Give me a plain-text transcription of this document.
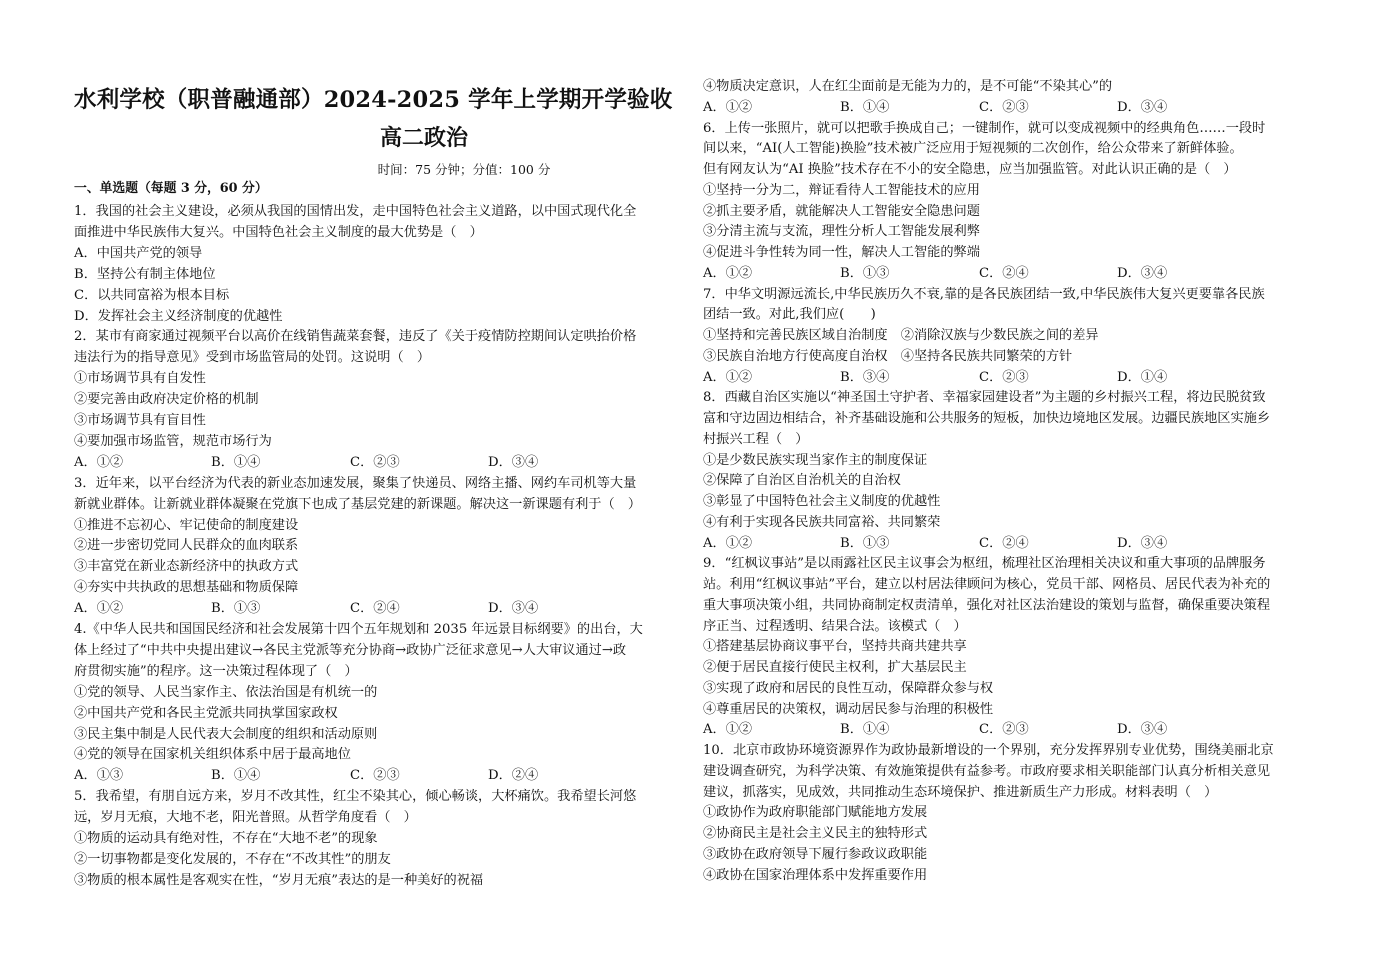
水利学校（职普融通部）2024-2025 学年上学期开学验收
高二政治
时间：75 分钟；分值：100 分
一、单选题（每题 3 分，60 分）
1．我国的社会主义建设，必须从我国的国情出发，走中国特色社会主义道路，以中国式现代化全
面推进中华民族伟大复兴。中国特色社会主义制度的最大优势是（　）
A．中国共产党的领导
B．坚持公有制主体地位
C．以共同富裕为根本目标
D．发挥社会主义经济制度的优越性
2．某市有商家通过视频平台以高价在线销售蔬菜套餐，违反了《关于疫情防控期间认定哄抬价格
违法行为的指导意见》受到市场监管局的处罚。这说明（　）
①市场调节具有自发性
②要完善由政府决定价格的机制
③市场调节具有盲目性
④要加强市场监管，规范市场行为
A．①②	B．①④	C．②③	D．③④
3．近年来，以平台经济为代表的新业态加速发展，聚集了快递员、网络主播、网约车司机等大量
新就业群体。让新就业群体凝聚在党旗下也成了基层党建的新课题。解决这一新课题有利于（　）
①推进不忘初心、牢记使命的制度建设
②进一步密切党同人民群众的血肉联系
③丰富党在新业态新经济中的执政方式
④夯实中共执政的思想基础和物质保障
A．①②	B．①③	C．②④	D．③④
4.《中华人民共和国国民经济和社会发展第十四个五年规划和 2035 年远景目标纲要》的出台，大
体上经过了“中共中央提出建议→各民主党派等充分协商→政协广泛征求意见→人大审议通过→政
府贯彻实施”的程序。这一决策过程体现了（　）
①党的领导、人民当家作主、依法治国是有机统一的
②中国共产党和各民主党派共同执掌国家政权
③民主集中制是人民代表大会制度的组织和活动原则
④党的领导在国家机关组织体系中居于最高地位
A．①③	B．①④	C．②③	D．②④
5．我希望，有朋自远方来，岁月不改其性，红尘不染其心，倾心畅谈，大杯痛饮。我希望长河悠
远，岁月无痕，大地不老，阳光普照。从哲学角度看（　）
①物质的运动具有绝对性，不存在“大地不老”的现象
②一切事物都是变化发展的，不存在“不改其性”的朋友
③物质的根本属性是客观实在性，“岁月无痕”表达的是一种美好的祝福
④物质决定意识，人在红尘面前是无能为力的，是不可能“不染其心”的
A．①②	B．①④	C．②③	D．③④
6．上传一张照片，就可以把歌手换成自己；一键制作，就可以变成视频中的经典角色……一段时
间以来，“AI(人工智能)换脸”技术被广泛应用于短视频的二次创作，给公众带来了新鲜体验。
但有网友认为“AI 换脸”技术存在不小的安全隐患，应当加强监管。对此认识正确的是（　）
①坚持一分为二，辩证看待人工智能技术的应用
②抓主要矛盾，就能解决人工智能安全隐患问题
③分清主流与支流，理性分析人工智能发展利弊
④促进斗争性转为同一性，解决人工智能的弊端
A．①②	B．①③	C．②④	D．③④
7．中华文明源远流长,中华民族历久不衰,靠的是各民族团结一致,中华民族伟大复兴更要靠各民族
团结一致。对此,我们应(　　)
①坚持和完善民族区域自治制度　②消除汉族与少数民族之间的差异
③民族自治地方行使高度自治权　④坚持各民族共同繁荣的方针
A．①②	B．③④	C．②③	D．①④
8．西藏自治区实施以“神圣国土守护者、幸福家园建设者”为主题的乡村振兴工程，将边民脱贫致
富和守边固边相结合，补齐基础设施和公共服务的短板，加快边境地区发展。边疆民族地区实施乡
村振兴工程（　）
①是少数民族实现当家作主的制度保证
②保障了自治区自治机关的自治权
③彰显了中国特色社会主义制度的优越性
④有利于实现各民族共同富裕、共同繁荣
A．①②	B．①③	C．②④	D．③④
9．“红枫议事站”是以雨露社区民主议事会为枢纽，梳理社区治理相关决议和重大事项的品牌服务
站。利用“红枫议事站”平台，建立以村居法律顾问为核心，党员干部、网格员、居民代表为补充的
重大事项决策小组，共同协商制定权责清单，强化对社区法治建设的策划与监督，确保重要决策程
序正当、过程透明、结果合法。该模式（　）
①搭建基层协商议事平台，坚持共商共建共享
②便于居民直接行使民主权利，扩大基层民主
③实现了政府和居民的良性互动，保障群众参与权
④尊重居民的决策权，调动居民参与治理的积极性
A．①②	B．①④	C．②③	D．③④
10．北京市政协环境资源界作为政协最新增设的一个界别，充分发挥界别专业优势，围绕美丽北京
建设调查研究，为科学决策、有效施策提供有益参考。市政府要求相关职能部门认真分析相关意见
建议，抓落实，见成效，共同推动生态环境保护、推进新质生产力形成。材料表明（　）
①政协作为政府职能部门赋能地方发展
②协商民主是社会主义民主的独特形式
③政协在政府领导下履行参政议政职能
④政协在国家治理体系中发挥重要作用
